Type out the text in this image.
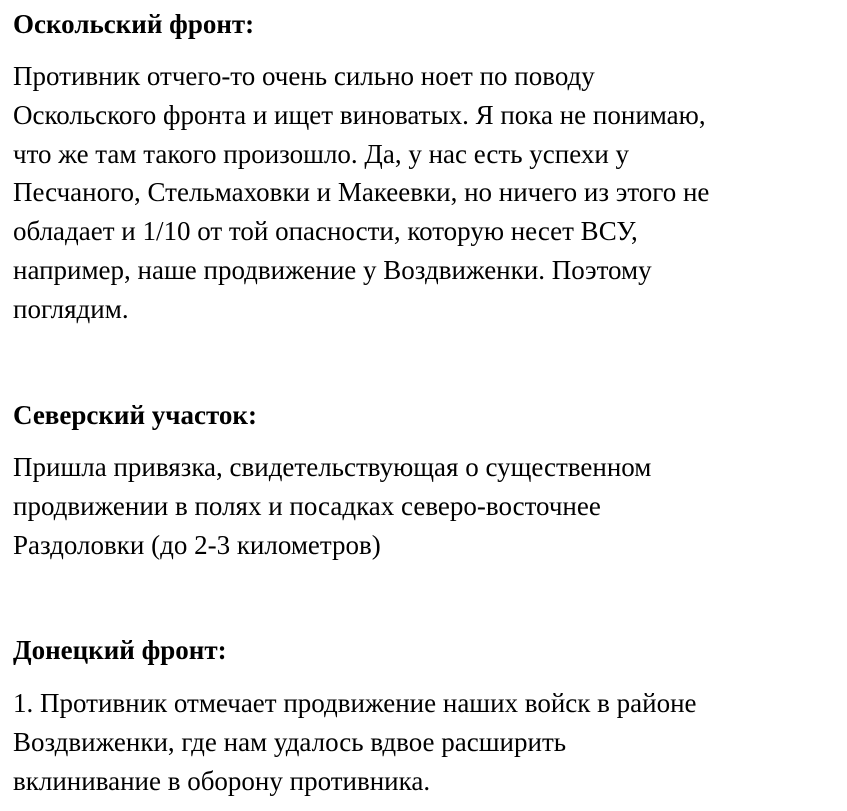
Оскольский фронт:
Противник отчего-то очень сильно ноет по поводу
Оскольского фронта и ищет виноватых. Я пока не понимаю,
что же там такого произошло. Да, у нас есть успехи у
Песчаного, Стельмаховки и Макеевки, но ничего из этого не
обладает и 1/10 от той опасности, которую несет ВСУ,
например, наше продвижение у Воздвиженки. Поэтому
поглядим.
Северский участок:
Пришла привязка, свидетельствующая о существенном
продвижении в полях и посадках северо-восточнее
Раздоловки (до 2-3 километров)
Донецкий фронт:
1. Противник отмечает продвижение наших войск в районе
Воздвиженки, где нам удалось вдвое расширить
вклинивание в оборону противника.
